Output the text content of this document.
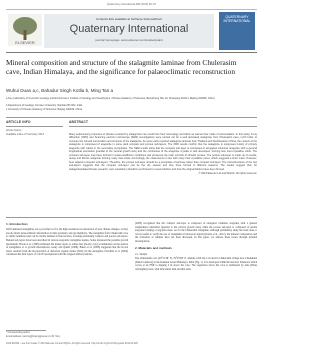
Quaternary International 298 (2013) 93–97
ELSEVIER
Contents lists available at SciVerse ScienceDirect
Quaternary International
journal homepage: www.elsevier.com/locate/quaint
QUATERNARY INTERNATIONAL
Mineral composition and structure of the stalagmite laminae from Chulerasim cave, Indian Himalaya, and the significance for palaeoclimatic reconstruction
Wuhui Duan a,c, Bahadur Singh Kotlia b, Ming Tan a
a Key Laboratory of Cenozoic Geology and Environment, Institute of Geology and Geophysics, Chinese Academy of Sciences, Beitucheng Xilu 19, Chaoyang District, Beijing 100029, China
b Department of Geology, Kumaun University, Nainital 263 002, India
c University of Chinese Academy of Sciences, Beijing 100049, China
ARTICLE INFO	ABSTRACT
Article history:
Available online 27 February 2013	Many sedimentary properties of climate recorded by stalagmites can result from their mineralogy and fabric as well as their mode of accumulation. In this study, X-ray diffraction (XRD) and Scanning electron microscope (SEM) investigations were carried out for a well laminated stalagmite from Chulerasim cave, north India, to compare the mineral composition and structure of the stalagmite. As some early reported stalagmite laminae from Thailand and Southwestern China, the content of the stalagmite is composed of aragonite in some dark compact and porous sub-layers. The XRD results confirm that the stalagmite is composed mostly of primary aragonite with calcite in the secondary precipitates. The SEM results show that the compact sub-layer is composed of elongated columnar aragonite with a general longitudinal orientation (parallel to the vertical growth axis) and the continuous of the aragonite crystals is well developed, forming less inter-crystalline voids. The compact sub-layer may have formed in quasi-equilibrium conditions and preserves the main controls of climatic proxies. The porous sub-layer is made up of needle, decay and fibrous aragonite forming many inter-voids. Accordingly, the coalescence is low with many inter-crystalline pores, which suggests a short mass. However, here adjacent compact sub-layers. Therefore, the porous sub-layer should be a precipitate of laminae rather than compact sub-layer. The microstructures of the two sub-layers suggests that the compact sub-layer can be the dry season and they have formed in different seasons. The results suggest that, for stalagmite/palaeoclimate research, care mandatory should be performed to reveal whether and how the original fabrics have been formed.
© 2013 Elsevier Ltd and INQUA. All rights reserved.
1. Introduction
Well laminated stalagmites are a powerful tool for the high-resolution reconstruction of past climate changes, as they encode much palaeoclimatic information in their geometry and geochemistry. The stalagmite from Chulerasim cave is visibly laminated and can be visible laminae in band section, revealing alternating compact and porous sub-layers. Banded sub-layers have been described in various aragonitic stalagmite studies. Some discussed the possible growth mechanism. Brook et al. (1999) attributed the darker layers to either dust (mostly clay) accumulation on the surface of stalagmites or to growth interruptions. Genty and Quinif (1996), Baker et al. (2008) suggested that the brown layers resulted from the incorporation of dissolved organic matter (DOC) in the stalagmite. Fairchild et al. (2004) considered the dark layers of CaCO3 precipitated with the trapped detrital particles.
(2008) recognized that the compact sub-layer is composed of elongated columnar aragonite with a general longitudinal orientation (parallel to the vertical growth axis), while the porous sub-layer is composed of needle aragonite forming a long-intra mass. As for the Chulerasim stalagmite, although preliminary study has been done, it can be useful to verify the use of stalagmites in monsoon signals (Kotlia et al., 2012), the mineral composition and the formation of laminae have not been discussed. In this paper, we address these issues through detailed investigations.
2. Materials and methods
2.1. Sample
The Chulerasim cave (29°51'48" N, 79°25'08" E, altitude 1250 m) is located in Chulerasim village near Chaukhutia (District Almora) in the Kumaun Lesser Himalaya, India (Fig. 1). It is developed within Proterozoic limestone which occurs at an ENE to dipping 2 m above the cave. The vegetation above the cave is dominated by pine (Pinus roxburghii) forest, with little shrub land and thin soils.
* Corresponding author.
E-mail address: tanming@mail.iggcas.ac.cn (M. Tan).
1040-6182/$ – see front matter © 2013 Elsevier Ltd and INQUA. All rights reserved. http://dx.doi.org/10.1016/j.quaint.2013.02.026
